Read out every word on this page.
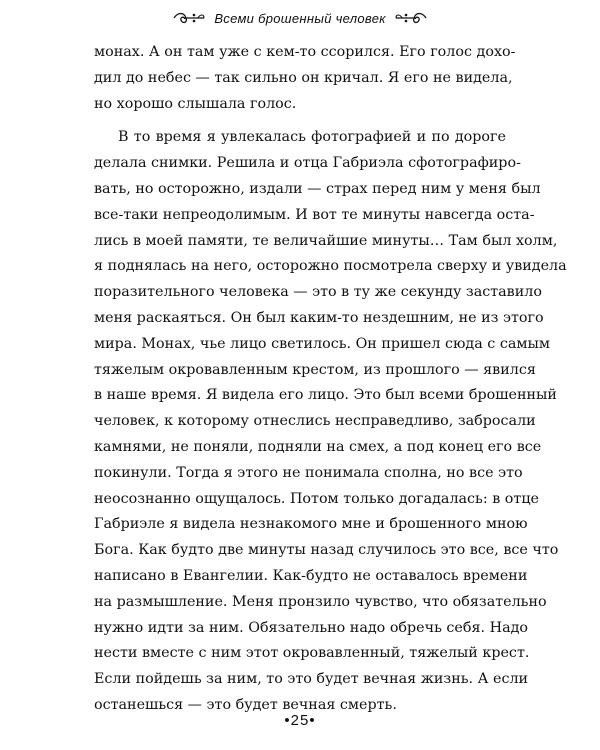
Всеми брошенный человек
монах. А он там уже с кем-то ссорился. Его голос дохо-
дил до небес — так сильно он кричал. Я его не видела,
но хорошо слышала голос.
В то время я увлекалась фотографией и по дороге
делала снимки. Решила и отца Габриэла сфотографиро-
вать, но осторожно, издали — страх перед ним у меня был
все-таки непреодолимым. И вот те минуты навсегда оста-
лись в моей памяти, те величайшие минуты… Там был холм,
я поднялась на него, осторожно посмотрела сверху и увидела
поразительного человека — это в ту же секунду заставило
меня раскаяться. Он был каким-то нездешним, не из этого
мира. Монах, чье лицо светилось. Он пришел сюда с самым
тяжелым окровавленным крестом, из прошлого — явился
в наше время. Я видела его лицо. Это был всеми брошенный
человек, к которому отнеслись несправедливо, забросали
камнями, не поняли, подняли на смех, а под конец его все
покинули. Тогда я этого не понимала сполна, но все это
неосознанно ощущалось. Потом только догадалась: в отце
Габриэле я видела незнакомого мне и брошенного мною
Бога. Как будто две минуты назад случилось это все, все что
написано в Евангелии. Как-будто не оставалось времени
на размышление. Меня пронзило чувство, что обязательно
нужно идти за ним. Обязательно надо обречь себя. Надо
нести вместе с ним этот окровавленный, тяжелый крест.
Если пойдешь за ним, то это будет вечная жизнь. А если
останешься — это будет вечная смерть.
•25•
